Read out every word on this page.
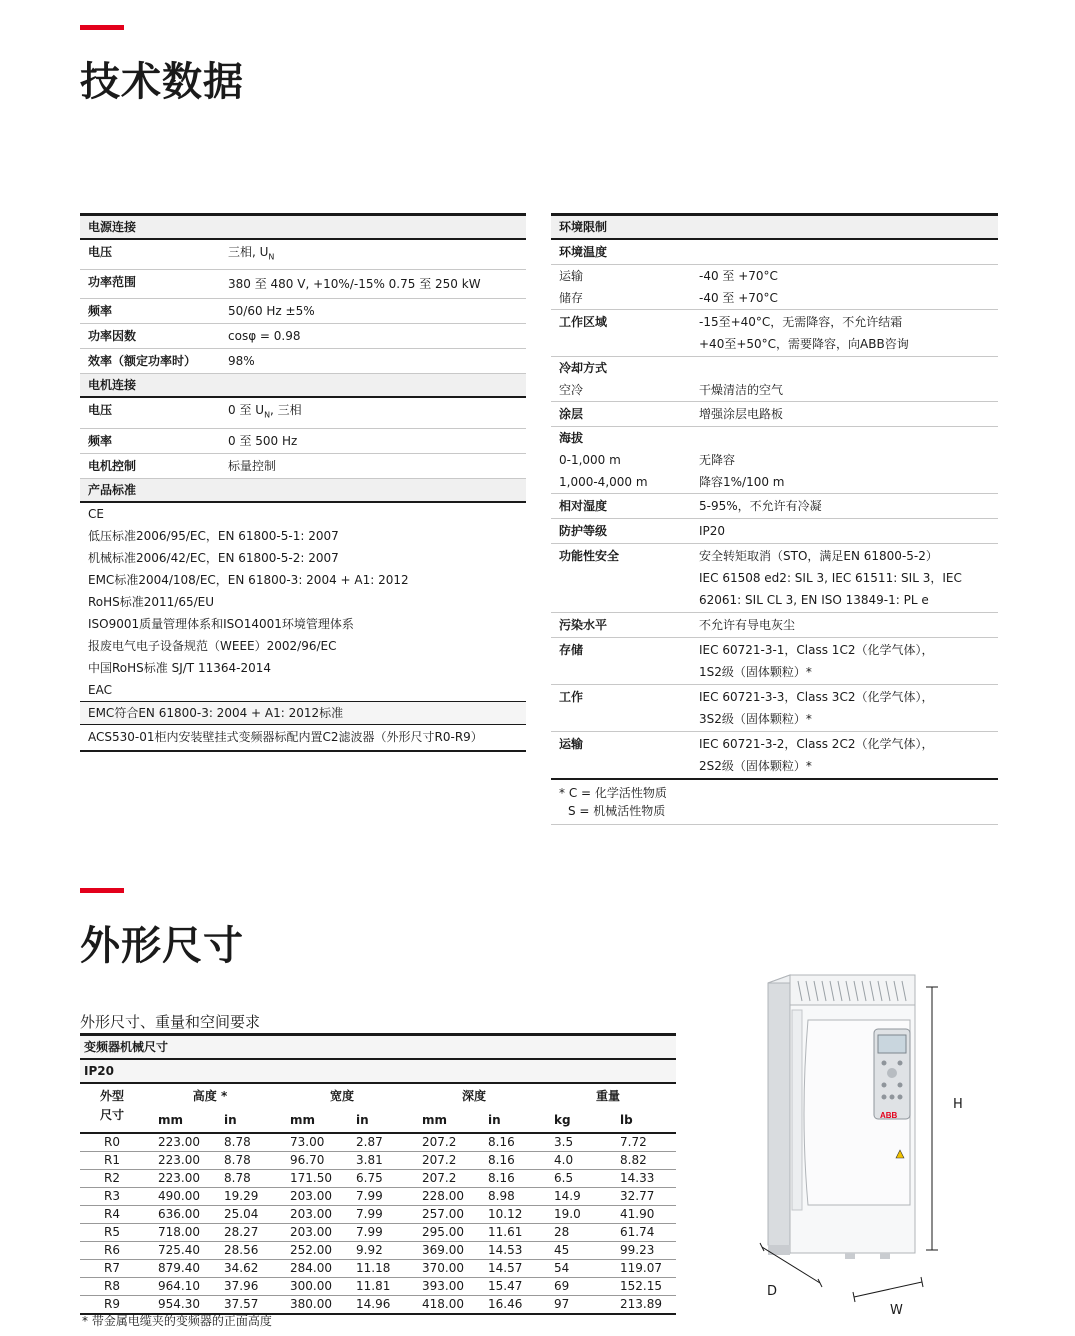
技术数据
电源连接	
电压	三相, $U_N$
功率范围	380 至 480 V, +10%/-15% 0.75 至 250 kW
频率	50/60 Hz ±5%
功率因数	cosφ = 0.98
效率（额定功率时）	98%
电机连接	
电压	0 至 $U_N$, 三相
频率	0 至 500 Hz
电机控制	标量控制
产品标准	
CE	
低压标准2006/95/EC，EN 61800-5-1: 2007	
机械标准2006/42/EC，EN 61800-5-2: 2007	
EMC标准2004/108/EC，EN 61800-3: 2004 + A1: 2012	
RoHS标准2011/65/EU	
ISO9001质量管理体系和ISO14001环境管理体系	
报废电气电子设备规范（WEEE）2002/96/EC	
中国RoHS标准 SJ/T 11364-2014	
EAC	
EMC符合EN 61800-3: 2004 + A1: 2012标准	
ACS530-01柜内安装壁挂式变频器标配内置C2滤波器（外形尺寸R0-R9）	
环境限制	
环境温度	
运输	-40 至 +70°C
储存	-40 至 +70°C
工作区域	-15至+40°C，无需降容，不允许结霜
+40至+50°C，需要降容，向ABB咨询

冷却方式	
空冷	干燥清洁的空气
涂层	增强涂层电路板
海拔	
0-1,000 m	无降容
1,000-4,000 m	降容1%/100 m
相对湿度	5-95%，不允许有冷凝
防护等级	IP20
功能性安全	安全转矩取消（STO，满足EN 61800-5-2）
IEC 61508 ed2: SIL 3, IEC 61511: SIL 3，IEC
62061: SIL CL 3, EN ISO 13849-1: PL e

污染水平	不允许有导电灰尘
存储	IEC 60721-3-1，Class 1C2（化学气体），
1S2级（固体颗粒）*

工作	IEC 60721-3-3，Class 3C2（化学气体），
3S2级（固体颗粒）*

运输	IEC 60721-3-2，Class 2C2（化学气体），
2S2级（固体颗粒）*

* C = 化学活性物质
S = 机械活性物质	
外形尺寸
外形尺寸、重量和空间要求
变频器机械尺寸								
IP20								
外型	高度 *		宽度		深度		重量	
尺寸	mm	in	mm	in	mm	in	kg	lb
R0	223.00	8.78	73.00	2.87	207.2	8.16	3.5	7.72
R1	223.00	8.78	96.70	3.81	207.2	8.16	4.0	8.82
R2	223.00	8.78	171.50	6.75	207.2	8.16	6.5	14.33
R3	490.00	19.29	203.00	7.99	228.00	8.98	14.9	32.77
R4	636.00	25.04	203.00	7.99	257.00	10.12	19.0	41.90
R5	718.00	28.27	203.00	7.99	295.00	11.61	28	61.74
R6	725.40	28.56	252.00	9.92	369.00	14.53	45	99.23
R7	879.40	34.62	284.00	11.18	370.00	14.57	54	119.07
R8	964.10	37.96	300.00	11.81	393.00	15.47	69	152.15
R9	954.30	37.57	380.00	14.96	418.00	16.46	97	213.89
* 带金属电缆夹的变频器的正面高度
ABB
H
D
W
